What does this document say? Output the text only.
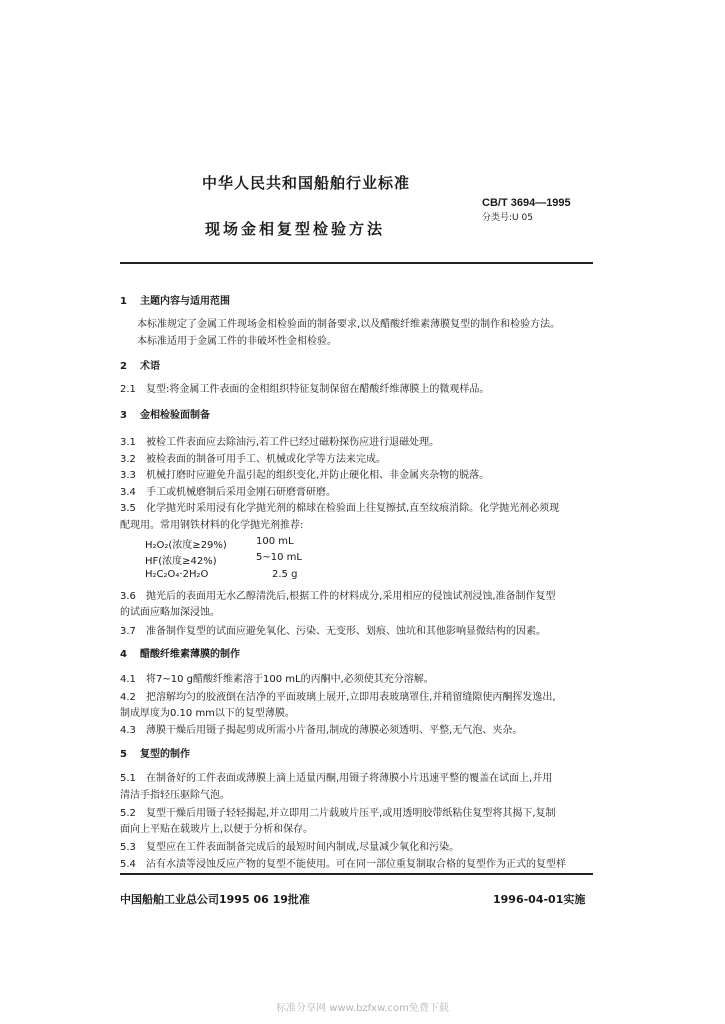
中华人民共和国船舶行业标准
CB/T 3694—1995
分类号:U 05
现场金相复型检验方法
1 主题内容与适用范围
本标准规定了金属工件现场金相检验面的制备要求,以及醋酸纤维素薄膜复型的制作和检验方法。
本标准适用于金属工件的非破坏性金相检验。
2 术语
2.1 复型:将金属工件表面的金相组织特征复制保留在醋酸纤维薄膜上的微观样品。
3 金相检验面制备
3.1 被检工件表面应去除油污,若工件已经过磁粉探伤应进行退磁处理。
3.2 被检表面的制备可用手工、机械或化学等方法来完成。
3.3 机械打磨时应避免升温引起的组织变化,并防止硬化相、非金属夹杂物的脱落。
3.4 手工或机械磨制后采用金刚石研磨膏研磨。
3.5 化学抛光时采用浸有化学抛光剂的棉球在检验面上往复擦拭,直至纹痕消除。化学抛光剂必须现
配现用。常用钢铁材料的化学抛光剂推荐:
H₂O₂(浓度≥29%)	100 mL
HF(浓度≥42%)	5~10 mL
H₂C₂O₄·2H₂O	2.5 g
3.6 抛光后的表面用无水乙醇清洗后,根据工件的材料成分,采用相应的侵蚀试剂浸蚀,准备制作复型
的试面应略加深浸蚀。
3.7 准备制作复型的试面应避免氧化、污染、无变形、划痕、蚀坑和其他影响显微结构的因素。
4 醋酸纤维素薄膜的制作
4.1 将7~10 g醋酸纤维素溶于100 mL的丙酮中,必须使其充分溶解。
4.2 把溶解均匀的胶液倒在洁净的平面玻璃上展开,立即用表玻璃罩住,并稍留缝隙使丙酮挥发逸出,
制成厚度为0.10 mm以下的复型薄膜。
4.3 薄膜干燥后用镊子揭起剪成所需小片备用,制成的薄膜必须透明、平整,无气泡、夹杂。
5 复型的制作
5.1 在制备好的工件表面或薄膜上滴上适量丙酮,用镊子将薄膜小片迅速平整的覆盖在试面上,并用
清洁手指轻压驱除气泡。
5.2 复型干燥后用镊子轻轻揭起,并立即用二片载玻片压平,或用透明胶带纸粘住复型将其揭下,复制
面向上平贴在载玻片上,以便于分析和保存。
5.3 复型应在工件表面制备完成后的最短时间内制成,尽量减少氧化和污染。
5.4 沾有水渍等浸蚀反应产物的复型不能使用。可在同一部位重复制取合格的复型作为正式的复型样
中国船舶工业总公司1995 06 19批准	1996-04-01实施
标准分享网 www.bzfxw.com免费下载
